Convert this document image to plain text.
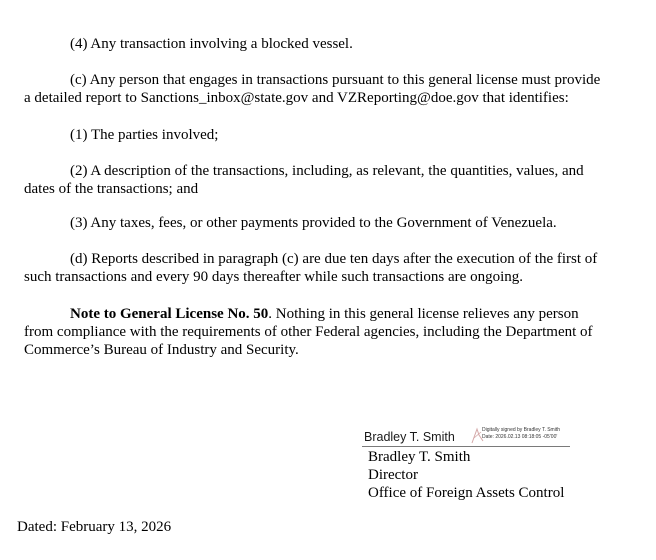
(4) Any transaction involving a blocked vessel.

(c) Any person that engages in transactions pursuant to this general license must provide
a detailed report to Sanctions_inbox@state.gov and VZReporting@doe.gov that identifies:

(1) The parties involved;

(2) A description of the transactions, including, as relevant, the quantities, values, and
dates of the transactions; and

(3) Any taxes, fees, or other payments provided to the Government of Venezuela.

(d) Reports described in paragraph (c) are due ten days after the execution of the first of
such transactions and every 90 days thereafter while such transactions are ongoing.

Note to General License No. 50. Nothing in this general license relieves any person
from compliance with the requirements of other Federal agencies, including the Department of
Commerce’s Bureau of Industry and Security.

Bradley T. Smith	Digitally signed by Bradley T. Smith
Date: 2026.02.13 08:18:05 -05'00'
Bradley T. Smith
Director
Office of Foreign Assets Control
Dated: February 13, 2026
